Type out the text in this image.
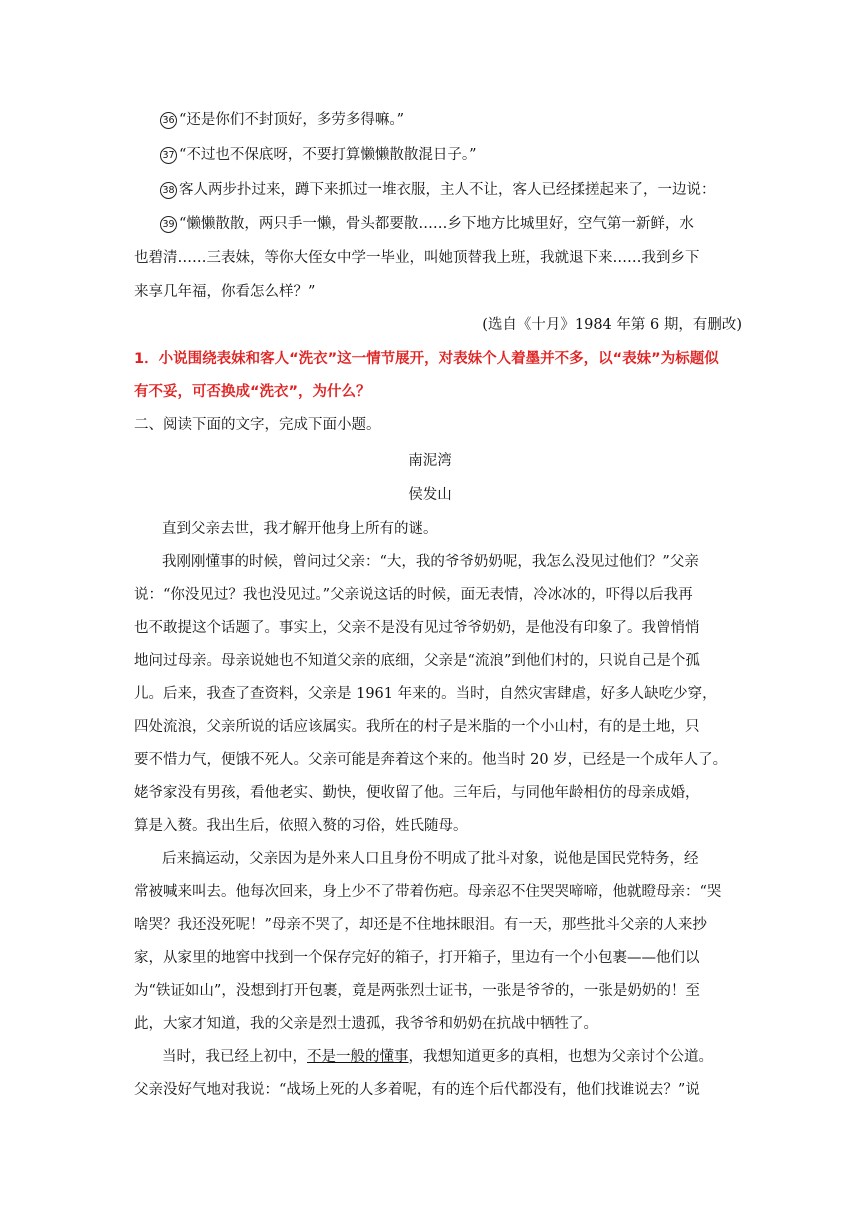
36 “还是你们不封顶好，多劳多得嘛。”
37 “不过也不保底呀，不要打算懒懒散散混日子。”
38 客人两步扑过来，蹲下来抓过一堆衣服，主人不让，客人已经揉搓起来了，一边说：
39 “懒懒散散，两只手一懒，骨头都要散……乡下地方比城里好，空气第一新鲜，水
也碧清……三表妹，等你大侄女中学一毕业，叫她顶替我上班，我就退下来……我到乡下
来享几年福，你看怎么样？”
(选自《十月》1984 年第 6 期，有删改)
1．小说围绕表妹和客人“洗衣”这一情节展开，对表妹个人着墨并不多，以“表妹”为标题似
有不妥，可否换成“洗衣”，为什么？
二、阅读下面的文字，完成下面小题。
南泥湾
侯发山
直到父亲去世，我才解开他身上所有的谜。
我刚刚懂事的时候，曾问过父亲：“大，我的爷爷奶奶呢，我怎么没见过他们？”父亲
说：“你没见过？我也没见过。”父亲说这话的时候，面无表情，冷冰冰的，吓得以后我再
也不敢提这个话题了。事实上，父亲不是没有见过爷爷奶奶，是他没有印象了。我曾悄悄
地问过母亲。母亲说她也不知道父亲的底细，父亲是“流浪”到他们村的，只说自己是个孤
儿。后来，我查了查资料，父亲是 1961 年来的。当时，自然灾害肆虐，好多人缺吃少穿，
四处流浪，父亲所说的话应该属实。我所在的村子是米脂的一个小山村，有的是土地，只
要不惜力气，便饿不死人。父亲可能是奔着这个来的。他当时 20 岁，已经是一个成年人了。
姥爷家没有男孩，看他老实、勤快，便收留了他。三年后，与同他年龄相仿的母亲成婚，
算是入赘。我出生后，依照入赘的习俗，姓氏随母。
后来搞运动，父亲因为是外来人口且身份不明成了批斗对象，说他是国民党特务，经
常被喊来叫去。他每次回来，身上少不了带着伤疤。母亲忍不住哭哭啼啼，他就瞪母亲：“哭
啥哭？我还没死呢！”母亲不哭了，却还是不住地抹眼泪。有一天，那些批斗父亲的人来抄
家，从家里的地窖中找到一个保存完好的箱子，打开箱子，里边有一个小包裹——他们以
为“铁证如山”，没想到打开包裹，竟是两张烈士证书，一张是爷爷的，一张是奶奶的！至
此，大家才知道，我的父亲是烈士遗孤，我爷爷和奶奶在抗战中牺牲了。
当时，我已经上初中，不是一般的懂事，我想知道更多的真相，也想为父亲讨个公道。
父亲没好气地对我说：“战场上死的人多着呢，有的连个后代都没有，他们找谁说去？”说
